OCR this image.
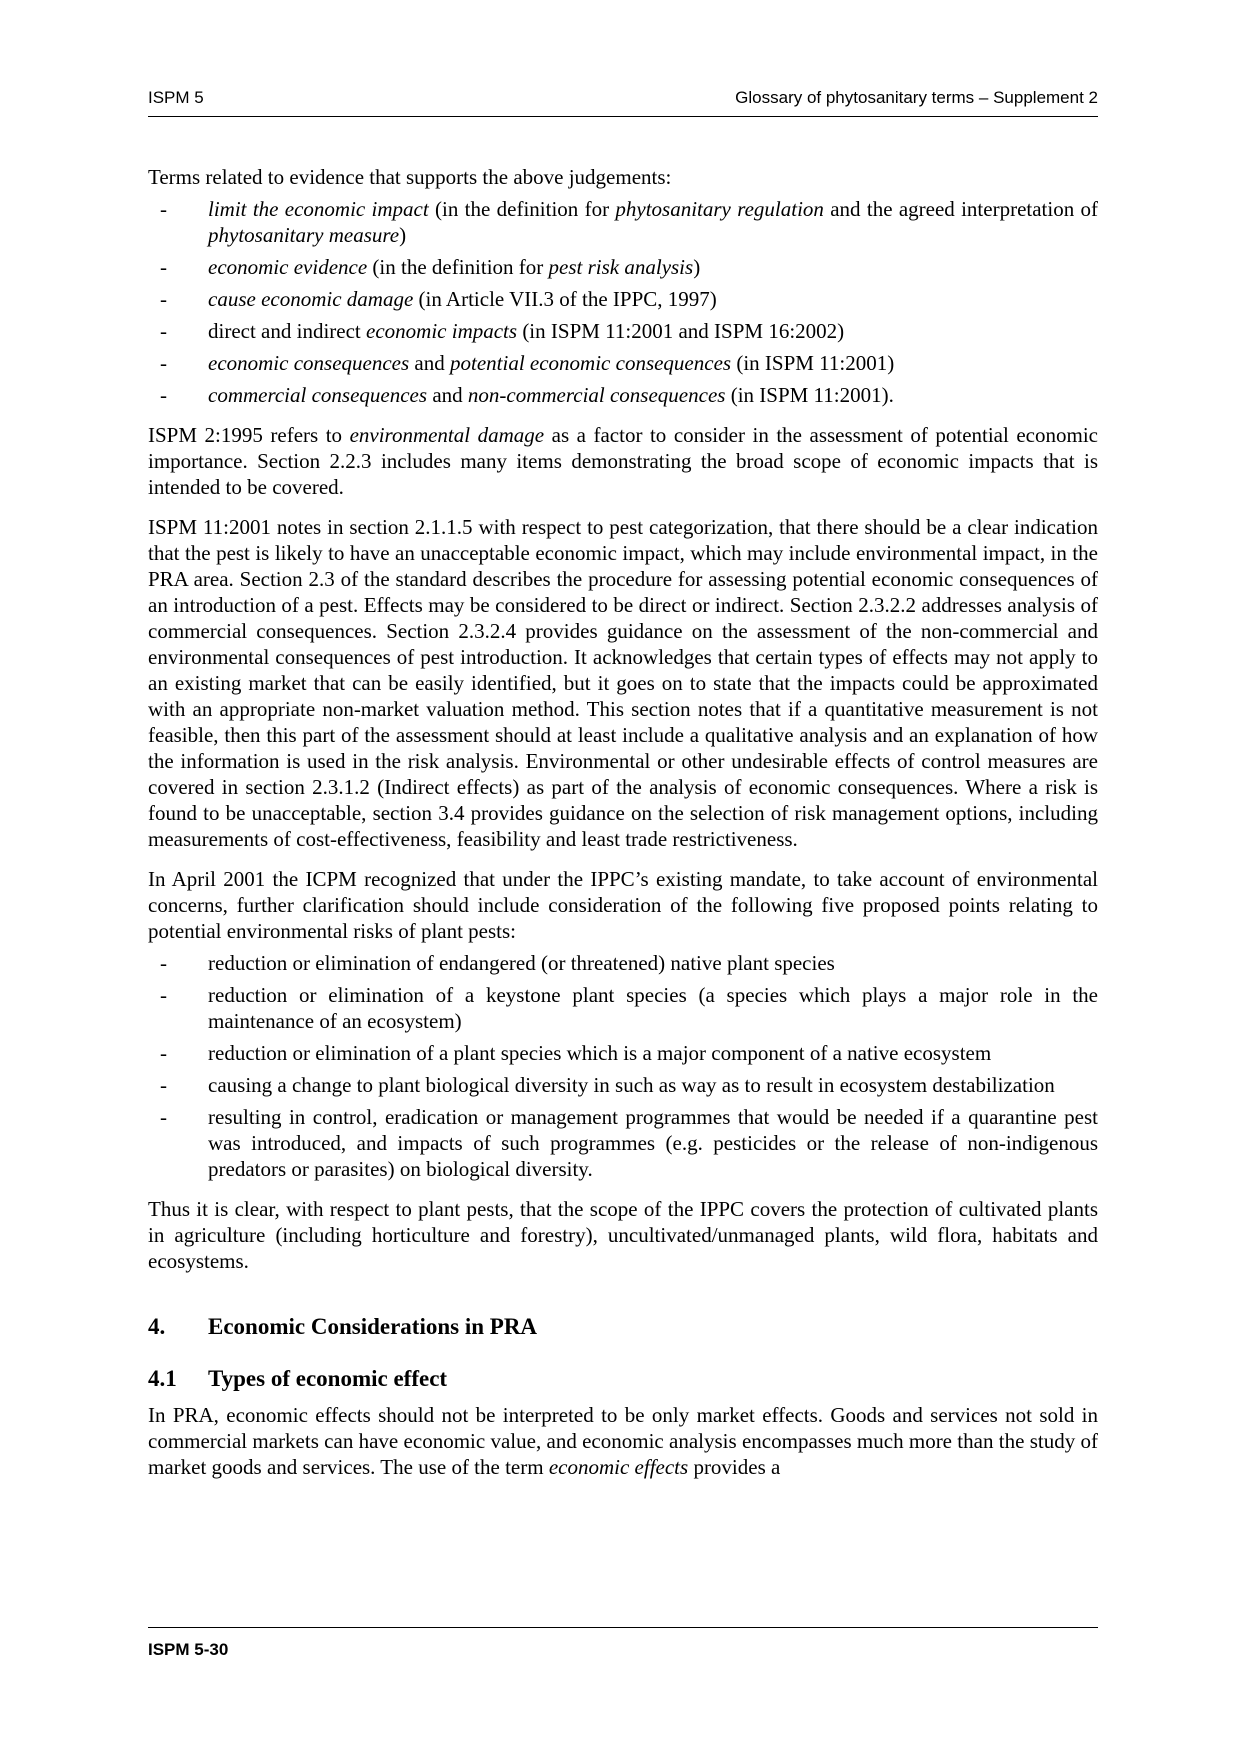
ISPM 5	Glossary of phytosanitary terms – Supplement 2

Terms related to evidence that supports the above judgements:

- limit the economic impact (in the definition for phytosanitary regulation and the agreed interpretation of phytosanitary measure)
- economic evidence (in the definition for pest risk analysis)
- cause economic damage (in Article VII.3 of the IPPC, 1997)
- direct and indirect economic impacts (in ISPM 11:2001 and ISPM 16:2002)
- economic consequences and potential economic consequences (in ISPM 11:2001)
- commercial consequences and non-commercial consequences (in ISPM 11:2001).

ISPM 2:1995 refers to environmental damage as a factor to consider in the assessment of potential economic importance. Section 2.2.3 includes many items demonstrating the broad scope of economic impacts that is intended to be covered.

ISPM 11:2001 notes in section 2.1.1.5 with respect to pest categorization, that there should be a clear indication that the pest is likely to have an unacceptable economic impact, which may include environmental impact, in the PRA area. Section 2.3 of the standard describes the procedure for assessing potential economic consequences of an introduction of a pest. Effects may be considered to be direct or indirect. Section 2.3.2.2 addresses analysis of commercial consequences. Section 2.3.2.4 provides guidance on the assessment of the non-commercial and environmental consequences of pest introduction. It acknowledges that certain types of effects may not apply to an existing market that can be easily identified, but it goes on to state that the impacts could be approximated with an appropriate non-market valuation method. This section notes that if a quantitative measurement is not feasible, then this part of the assessment should at least include a qualitative analysis and an explanation of how the information is used in the risk analysis. Environmental or other undesirable effects of control measures are covered in section 2.3.1.2 (Indirect effects) as part of the analysis of economic consequences. Where a risk is found to be unacceptable, section 3.4 provides guidance on the selection of risk management options, including measurements of cost-effectiveness, feasibility and least trade restrictiveness.

In April 2001 the ICPM recognized that under the IPPC’s existing mandate, to take account of environmental concerns, further clarification should include consideration of the following five proposed points relating to potential environmental risks of plant pests:

- reduction or elimination of endangered (or threatened) native plant species
- reduction or elimination of a keystone plant species (a species which plays a major role in the maintenance of an ecosystem)
- reduction or elimination of a plant species which is a major component of a native ecosystem
- causing a change to plant biological diversity in such as way as to result in ecosystem destabilization
- resulting in control, eradication or management programmes that would be needed if a quarantine pest was introduced, and impacts of such programmes (e.g. pesticides or the release of non-indigenous predators or parasites) on biological diversity.

Thus it is clear, with respect to plant pests, that the scope of the IPPC covers the protection of cultivated plants in agriculture (including horticulture and forestry), uncultivated/unmanaged plants, wild flora, habitats and ecosystems.

4. Economic Considerations in PRA
4.1 Types of economic effect

In PRA, economic effects should not be interpreted to be only market effects. Goods and services not sold in commercial markets can have economic value, and economic analysis encompasses much more than the study of market goods and services. The use of the term economic effects provides a

ISPM 5-30
